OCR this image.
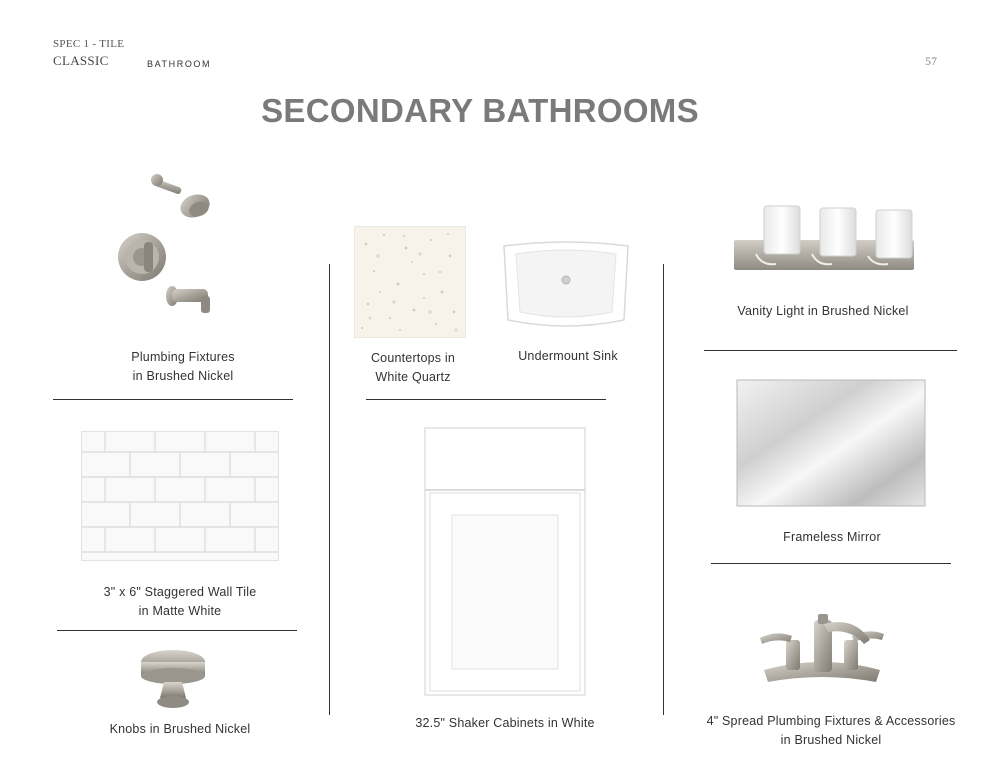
SPEC 1 - TILE
CLASSIC	BATHROOM	57
SECONDARY BATHROOMS
Plumbing Fixtures
in Brushed Nickel
Countertops in
White Quartz
Undermount Sink
Vanity Light in Brushed Nickel
3" x 6" Staggered Wall Tile
in Matte White
32.5" Shaker Cabinets in White
Frameless Mirror
Knobs in Brushed Nickel
4" Spread Plumbing Fixtures & Accessories
in Brushed Nickel
